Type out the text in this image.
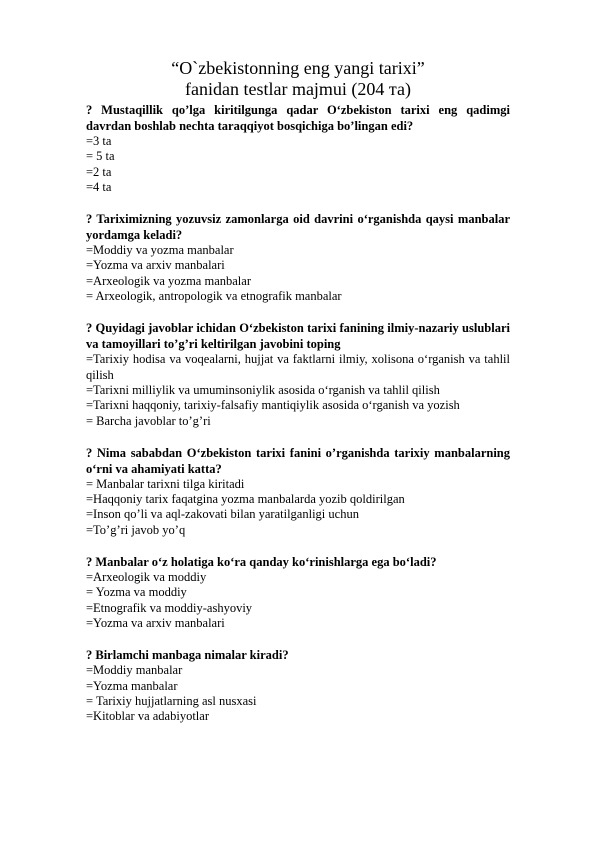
“O`zbekistonning eng yangi tarixi”
fanidan testlar majmui (204 та)

? Mustaqillik qo’lga kiritilgunga qadar O‘zbekiston tarixi eng qadimgi davrdan boshlab nechta taraqqiyot bosqichiga bo’lingan edi?

=3 ta

= 5 ta

=2 ta

=4 ta

? Tariximizning yozuvsiz zamonlarga oid davrini o‘rganishda qaysi manbalar yordamga keladi?

=Moddiy va yozma manbalar

=Yozma va arxiv manbalari

=Arxeologik va yozma manbalar

= Arxeologik, antropologik va etnografik manbalar

? Quyidagi javoblar ichidan O‘zbekiston tarixi fanining ilmiy-nazariy uslublari va tamoyillari to’g’ri keltirilgan javobini toping

=Tarixiy hodisa va voqealarni, hujjat va faktlarni ilmiy, xolisona o‘rganish va tahlil qilish

=Tarixni milliylik va umuminsoniylik asosida o‘rganish va tahlil qilish

=Tarixni haqqoniy, tarixiy-falsafiy mantiqiylik asosida o‘rganish va yozish

= Barcha javoblar to’g’ri

? Nima sababdan O‘zbekiston tarixi fanini o’rganishda tarixiy manbalarning o‘rni va ahamiyati katta?

= Manbalar tarixni tilga kiritadi

=Haqqoniy tarix faqatgina yozma manbalarda yozib qoldirilgan

=Inson qo’li va aql-zakovati bilan yaratilganligi uchun

=To’g’ri javob yo’q

? Manbalar o‘z holatiga ko‘ra qanday ko‘rinishlarga ega bo‘ladi?

=Arxeologik va moddiy

= Yozma va moddiy

=Etnografik va moddiy-ashyoviy

=Yozma va arxiv manbalari

? Birlamchi manbaga nimalar kiradi?

=Moddiy manbalar

=Yozma manbalar

= Tarixiy hujjatlarning asl nusxasi

=Kitoblar va adabiyotlar
